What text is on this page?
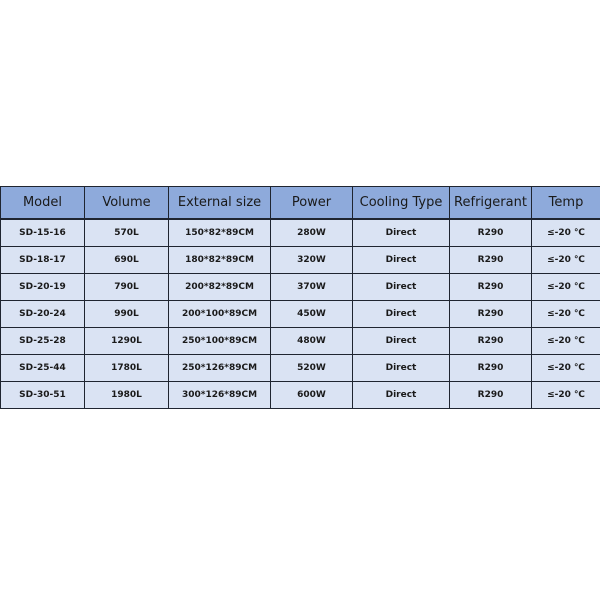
Model	Volume	External size	Power	Cooling Type	Refrigerant	Temp
SD-15-16	570L	150*82*89CM	280W	Direct	R290	≤-20 ℃
SD-18-17	690L	180*82*89CM	320W	Direct	R290	≤-20 ℃
SD-20-19	790L	200*82*89CM	370W	Direct	R290	≤-20 ℃
SD-20-24	990L	200*100*89CM	450W	Direct	R290	≤-20 ℃
SD-25-28	1290L	250*100*89CM	480W	Direct	R290	≤-20 ℃
SD-25-44	1780L	250*126*89CM	520W	Direct	R290	≤-20 ℃
SD-30-51	1980L	300*126*89CM	600W	Direct	R290	≤-20 ℃
